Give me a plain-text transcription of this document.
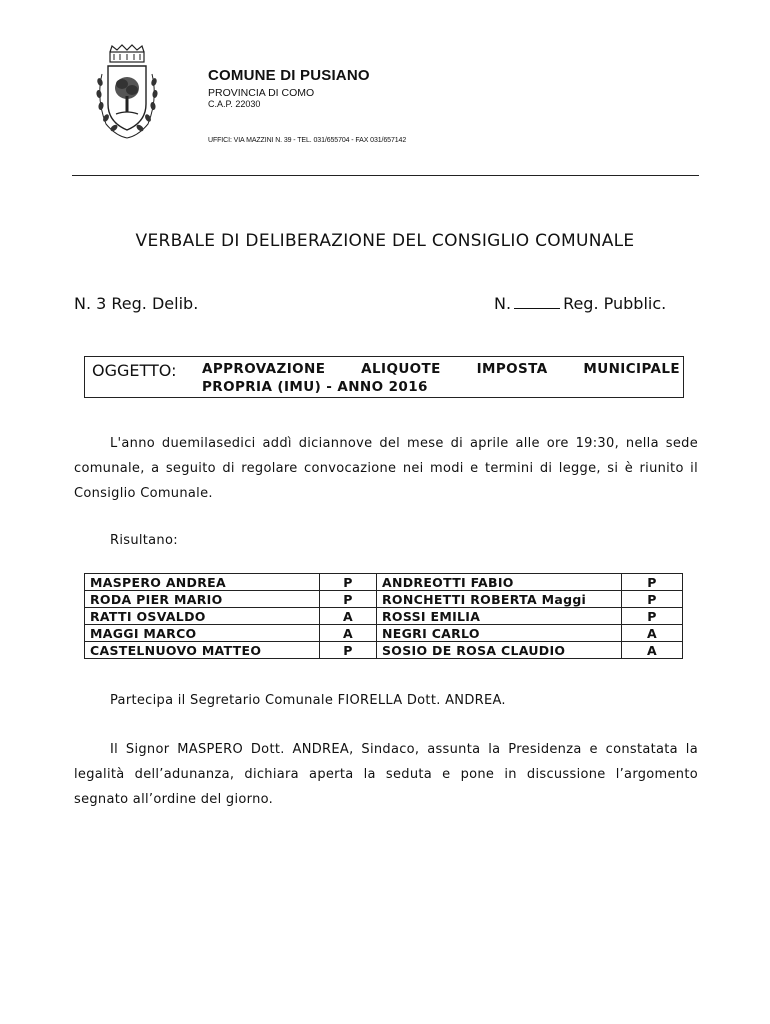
COMUNE DI PUSIANO
PROVINCIA DI COMO
C.A.P. 22030
UFFICI: VIA MAZZINI N. 39 - TEL. 031/655704 - FAX 031/657142
VERBALE DI DELIBERAZIONE DEL CONSIGLIO COMUNALE
N. 3 Reg. Delib.	N.	Reg. Pubblic.
OGGETTO: APPROVAZIONE ALIQUOTE IMPOSTA MUNICIPALE
PROPRIA (IMU) - ANNO 2016
L'anno duemilasedici addì diciannove del mese di aprile alle ore 19:30, nella sede comunale, a seguito di regolare convocazione nei modi e termini di legge, si è riunito il Consiglio Comunale.
Risultano:
MASPERO ANDREA	P	ANDREOTTI FABIO	P
RODA PIER MARIO	P	RONCHETTI ROBERTA Maggi	P
RATTI OSVALDO	A	ROSSI EMILIA	P
MAGGI MARCO	A	NEGRI CARLO	A
CASTELNUOVO MATTEO	P	SOSIO DE ROSA CLAUDIO	A
Partecipa il Segretario Comunale FIORELLA Dott. ANDREA.
Il Signor MASPERO Dott. ANDREA, Sindaco, assunta la Presidenza e constatata la legalità dell’adunanza, dichiara aperta la seduta e pone in discussione l’argomento segnato all’ordine del giorno.
